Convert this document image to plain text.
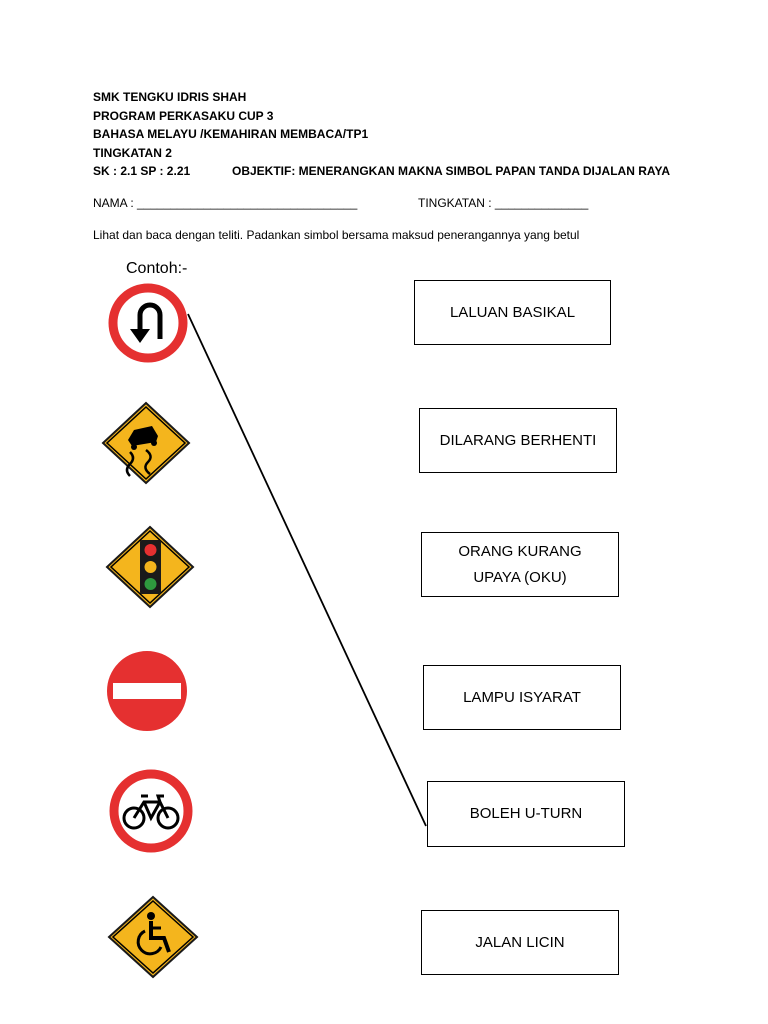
SMK TENGKU IDRIS SHAH
PROGRAM PERKASAKU CUP 3
BAHASA MELAYU /KEMAHIRAN MEMBACA/TP1
TINGKATAN 2
SK : 2.1 SP : 2.21	OBJEKTIF: MENERANGKAN MAKNA SIMBOL PAPAN TANDA DIJALAN RAYA
NAMA : _________________________________	TINGKATAN : ______________
Lihat dan baca dengan teliti. Padankan simbol bersama maksud penerangannya yang betul
Contoh:-
LALUAN BASIKAL
DILARANG BERHENTI
ORANG KURANG
UPAYA (OKU)
LAMPU ISYARAT
BOLEH U-TURN
JALAN LICIN
